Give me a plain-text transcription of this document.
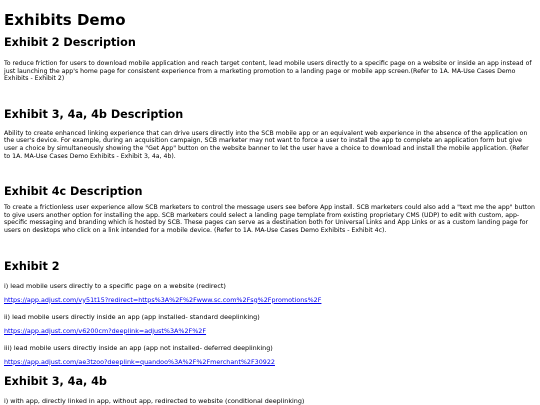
Exhibits Demo
Exhibit 2 Description

To reduce friction for users to download mobile application and reach target content, lead mobile users directly to a specific page on a website or inside an app instead of just launching the app's home page for consistent experience from a marketing promotion to a landing page or mobile app screen.(Refer to 1A. MA-Use Cases Demo Exhibits - Exhibit 2)

Exhibit 3, 4a, 4b Description

Ability to create enhanced linking experience that can drive users directly into the SCB mobile app or an equivalent web experience in the absence of the application on the user's device. For example, during an acquisition campaign, SCB marketer may not want to force a user to install the app to complete an application form but give user a choice by simultaneously showing the "Get App" button on the website banner to let the user have a choice to download and install the mobile application. (Refer to 1A. MA-Use Cases Demo Exhibits - Exhibit 3, 4a, 4b).

Exhibit 4c Description

To create a frictionless user experience allow SCB marketers to control the message users see before App install. SCB marketers could also add a "text me the app" button to give users another option for installing the app. SCB marketers could select a landing page template from existing proprietary CMS (UDP) to edit with custom, app-specific messaging and branding which is hosted by SCB. These pages can serve as a destination both for Universal Links and App Links or as a custom landing page for users on desktops who click on a link intended for a mobile device. (Refer to 1A. MA-Use Cases Demo Exhibits - Exhibit 4c).

Exhibit 2

i) lead mobile users directly to a specific page on a website (redirect)

https://app.adjust.com/vy51t15?redirect=https%3A%2F%2Fwww.sc.com%2Fsg%2Fpromotions%2F

ii) lead mobile users directly inside an app (app installed- standard deeplinking)

https://app.adjust.com/v6200cm?deeplink=adjust%3A%2F%2F

iii) lead mobile users directly inside an app (app not installed- deferred deeplinking)

https://app.adjust.com/ae3tzoo?deeplink=quandoo%3A%2F%2Fmerchant%2F30922

Exhibit 3, 4a, 4b

i) with app, directly linked in app, without app, redirected to website (conditional deeplinking)
